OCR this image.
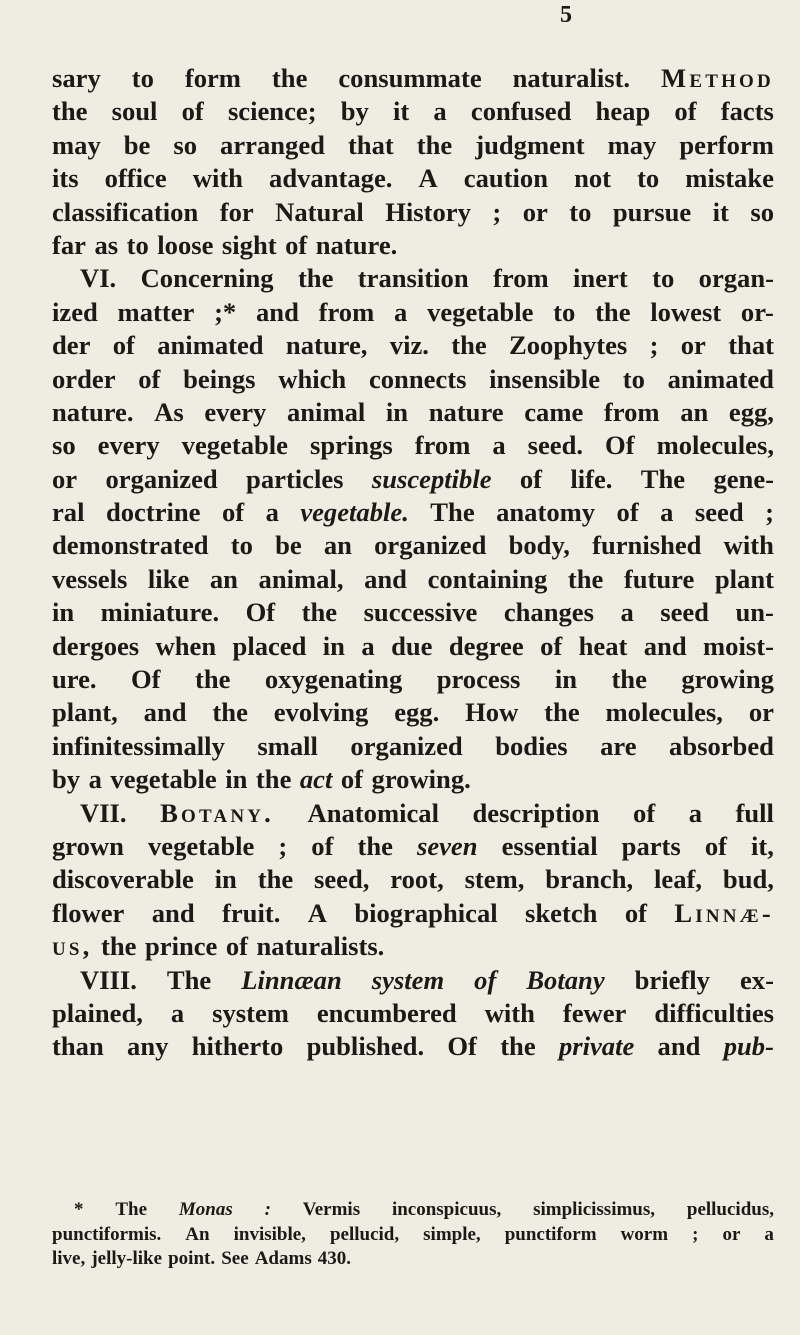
5
sary to form the consummate naturalist. Method
the soul of science; by it a confused heap of facts
may be so arranged that the judgment may perform
its office with advantage. A caution not to mistake
classification for Natural History ; or to pursue it so
far as to loose sight of nature.
VI. Concerning the transition from inert to organ-
ized matter ;* and from a vegetable to the lowest or-
der of animated nature, viz. the Zoophytes ; or that
order of beings which connects insensible to animated
nature. As every animal in nature came from an egg,
so every vegetable springs from a seed. Of molecules,
or organized particles susceptible of life. The gene-
ral doctrine of a vegetable. The anatomy of a seed ;
demonstrated to be an organized body, furnished with
vessels like an animal, and containing the future plant
in miniature. Of the successive changes a seed un-
dergoes when placed in a due degree of heat and moist-
ure. Of the oxygenating process in the growing
plant, and the evolving egg. How the molecules, or
infinitessimally small organized bodies are absorbed
by a vegetable in the act of growing.
VII. Botany. Anatomical description of a full
grown vegetable ; of the seven essential parts of it,
discoverable in the seed, root, stem, branch, leaf, bud,
flower and fruit. A biographical sketch of Linnæ-
us, the prince of naturalists.
VIII. The Linnæan system of Botany briefly ex-
plained, a system encumbered with fewer difficulties
than any hitherto published. Of the private and pub-
* The Monas : Vermis inconspicuus, simplicissimus, pellucidus,
punctiformis. An invisible, pellucid, simple, punctiform worm ; or a
live, jelly-like point. See Adams 430.
